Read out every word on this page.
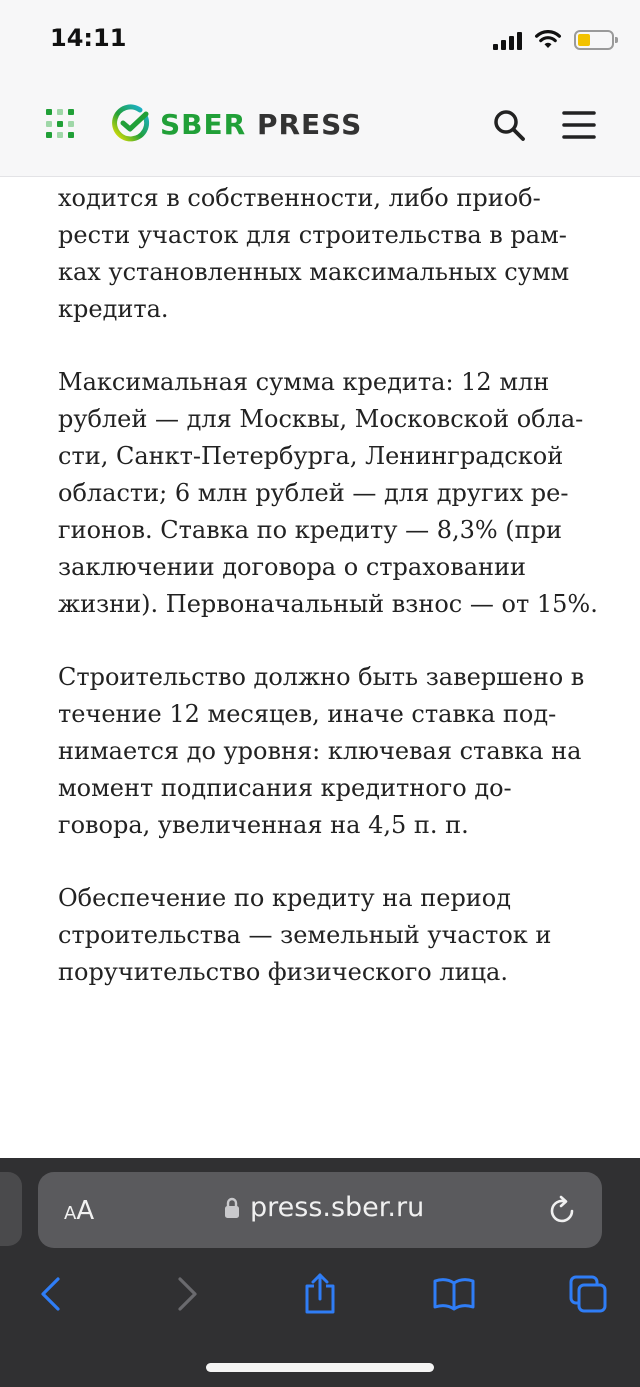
14:11
SBER PRESS

ходится в собственности, либо приоб-рести участок для строительства в рам-ках установленных максимальных сумм кредита.

Максимальная сумма кредита: 12 млн рублей — для Москвы, Московской обла-сти, Санкт-Петербурга, Ленинградской области; 6 млн рублей — для других ре-гионов. Ставка по кредиту — 8,3% (при заключении договора о страховании жизни). Первоначальный взнос — от 15%.

Строительство должно быть завершено в течение 12 месяцев, иначе ставка под-нимается до уровня: ключевая ставка на момент подписания кредитного до-говора, увеличенная на 4,5 п. п.

Обеспечение по кредиту на период строительства — земельный участок и поручительство физического лица.

AA	press.sber.ru
